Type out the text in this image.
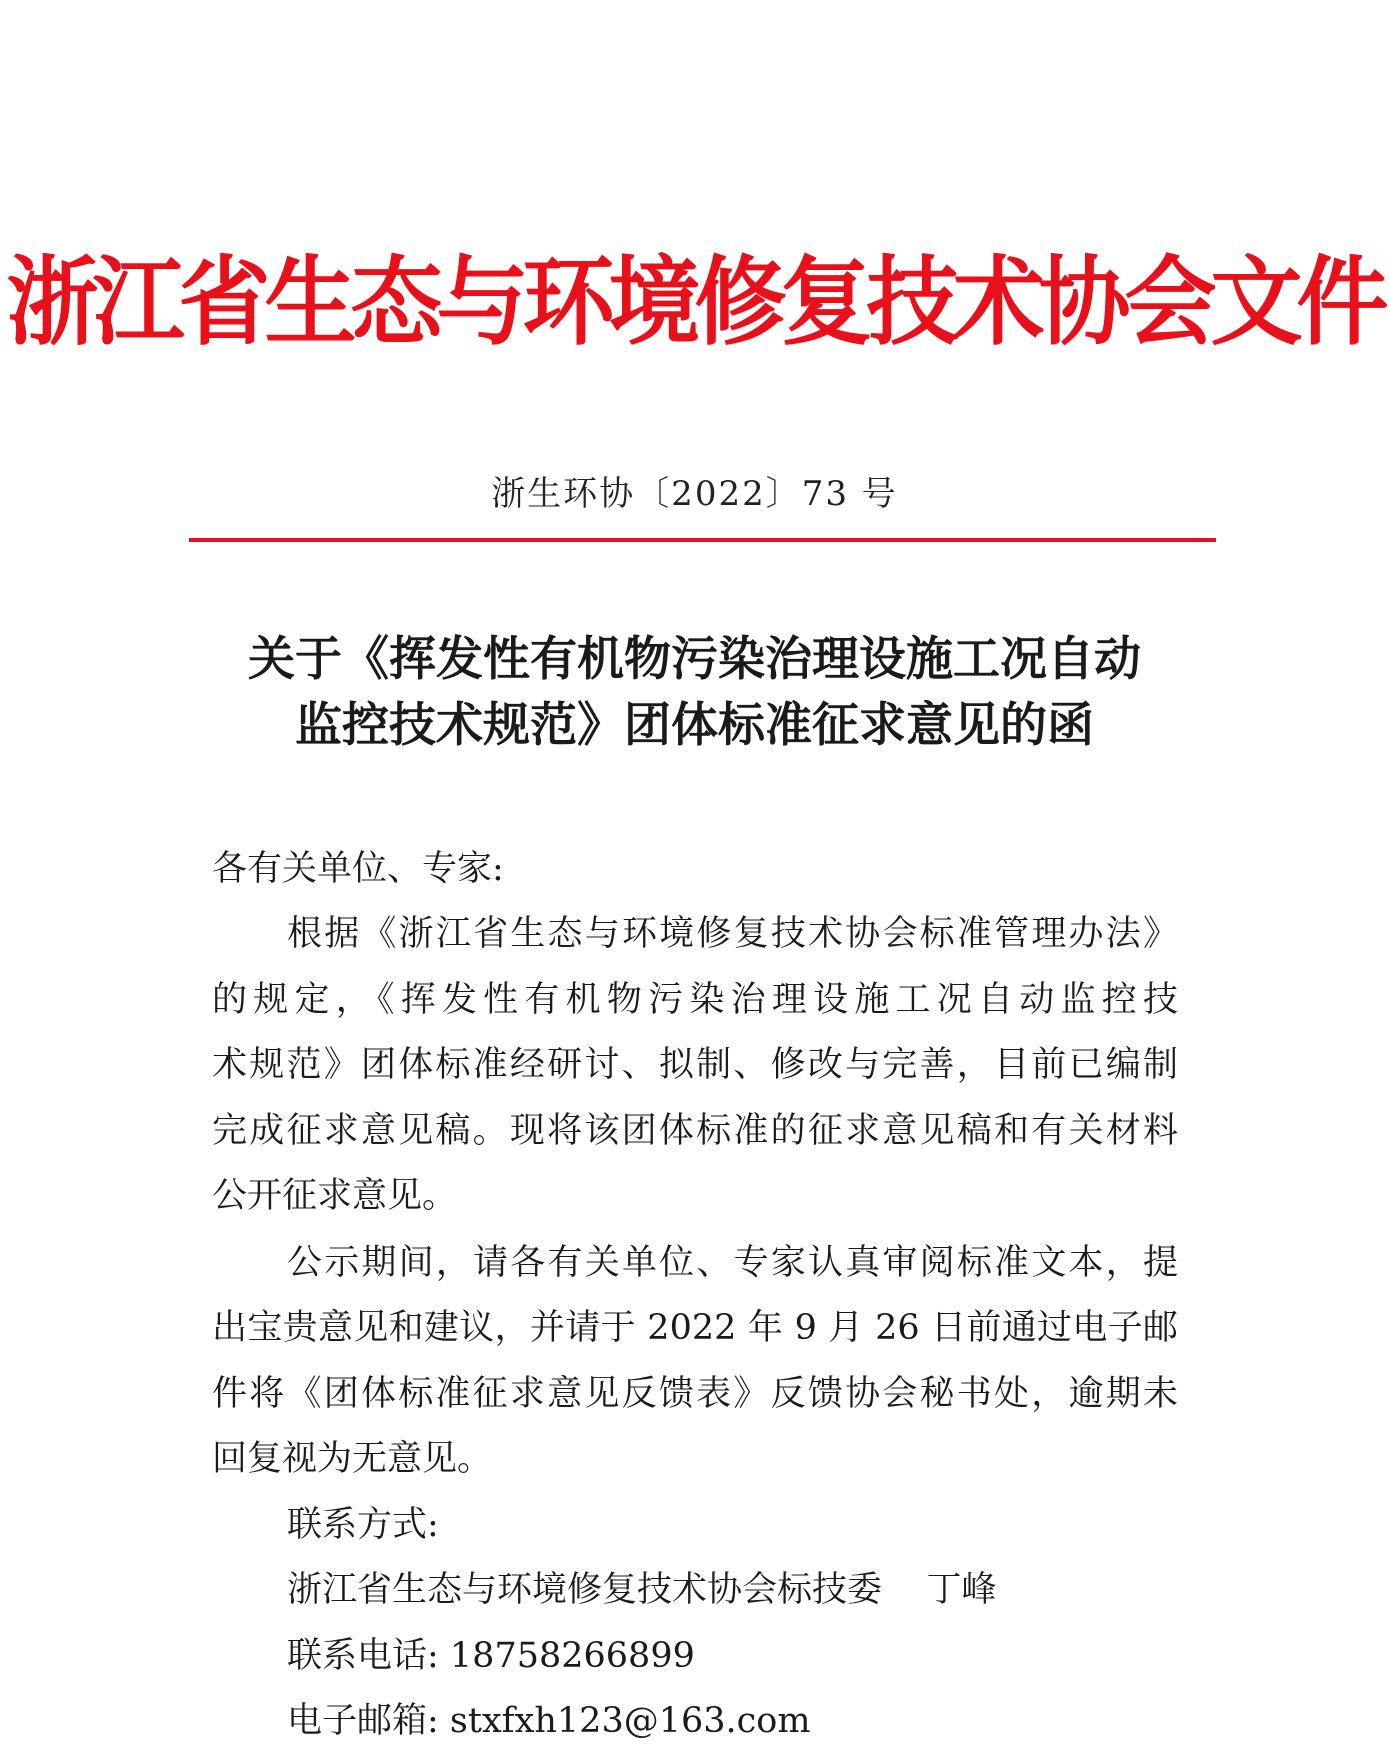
浙江省生态与环境修复技术协会文件
浙生环协〔2022〕73 号
关于《挥发性有机物污染治理设施工况自动
监控技术规范》团体标准征求意见的函
各有关单位、专家:
根据《浙江省生态与环境修复技术协会标准管理办法》
的规定，《挥发性有机物污染治理设施工况自动监控技
术规范》团体标准经研讨、拟制、修改与完善，目前已编制
完成征求意见稿。现将该团体标准的征求意见稿和有关材料
公开征求意见。
公示期间，请各有关单位、专家认真审阅标准文本，提
出宝贵意见和建议，并请于 2022 年 9 月 26 日前通过电子邮
件将《团体标准征求意见反馈表》反馈协会秘书处，逾期未
回复视为无意见。
联系方式:
浙江省生态与环境修复技术协会标技委    丁峰
联系电话: 18758266899
电子邮箱: stxfxh123@163.com
